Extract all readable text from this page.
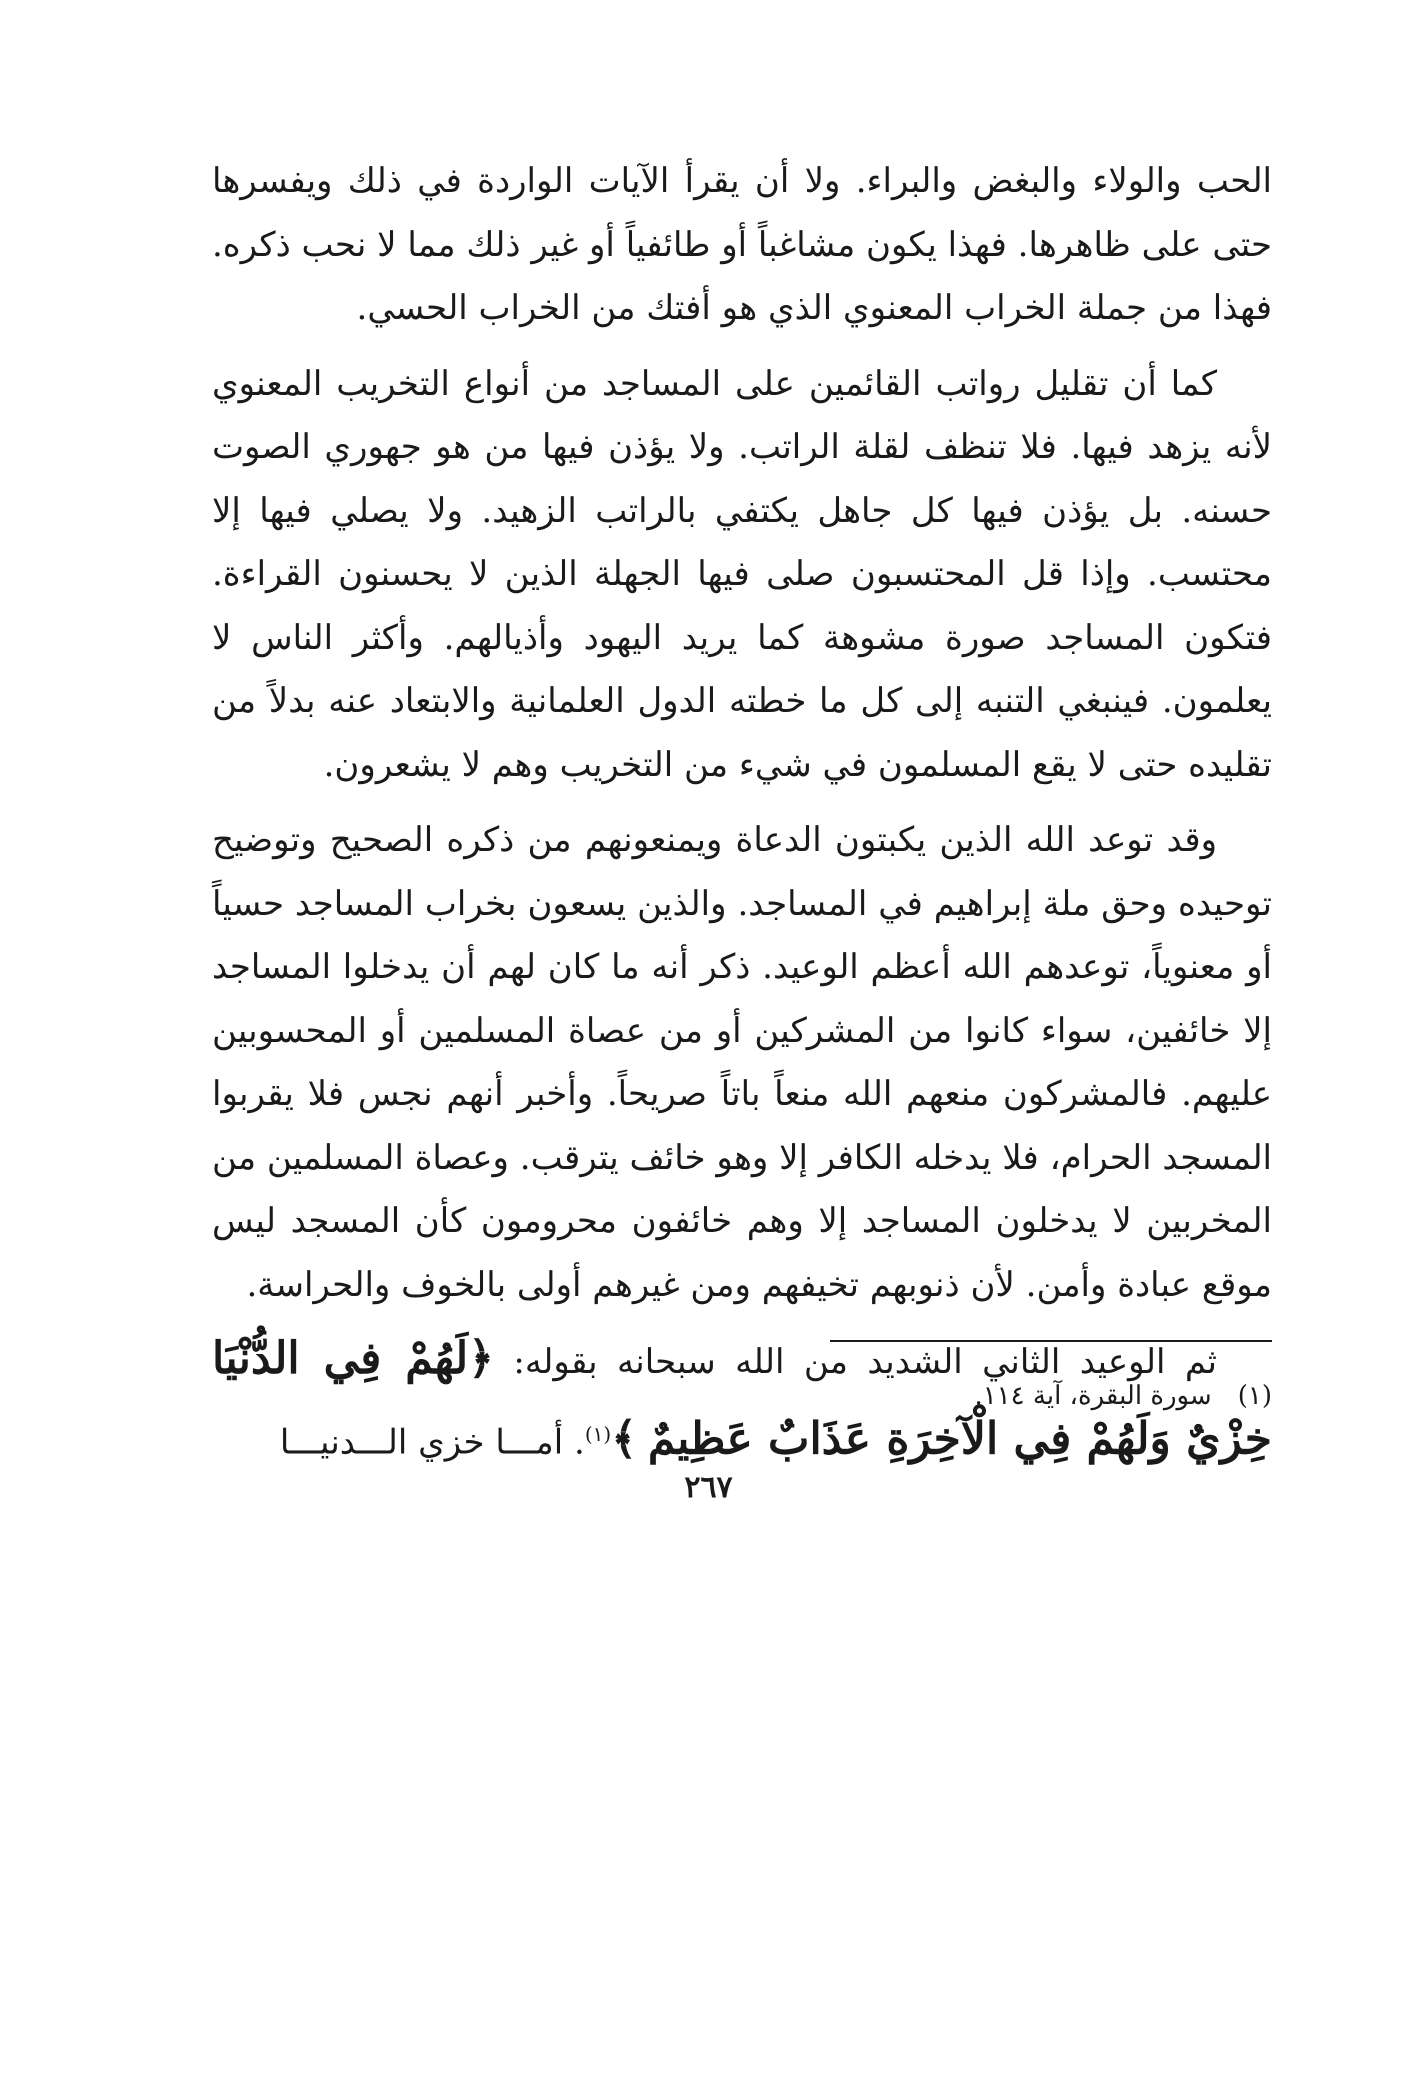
الحب والولاء والبغض والبراء. ولا أن يقرأ الآيات الواردة في ذلك ويفسرها حتى على ظاهرها. فهذا يكون مشاغباً أو طائفياً أو غير ذلك مما لا نحب ذكره. فهذا من جملة الخراب المعنوي الذي هو أفتك من الخراب الحسي.

كما أن تقليل رواتب القائمين على المساجد من أنواع التخريب المعنوي لأنه يزهد فيها. فلا تنظف لقلة الراتب. ولا يؤذن فيها من هو جهوري الصوت حسنه. بل يؤذن فيها كل جاهل يكتفي بالراتب الزهيد. ولا يصلي فيها إلا محتسب. وإذا قل المحتسبون صلى فيها الجهلة الذين لا يحسنون القراءة. فتكون المساجد صورة مشوهة كما يريد اليهود وأذيالهم. وأكثر الناس لا يعلمون. فينبغي التنبه إلى كل ما خطته الدول العلمانية والابتعاد عنه بدلاً من تقليده حتى لا يقع المسلمون في شيء من التخريب وهم لا يشعرون.

وقد توعد الله الذين يكبتون الدعاة ويمنعونهم من ذكره الصحيح وتوضيح توحيده وحق ملة إبراهيم في المساجد. والذين يسعون بخراب المساجد حسياً أو معنوياً، توعدهم الله أعظم الوعيد. ذكر أنه ما كان لهم أن يدخلوا المساجد إلا خائفين، سواء كانوا من المشركين أو من عصاة المسلمين أو المحسوبين عليهم. فالمشركون منعهم الله منعاً باتاً صريحاً. وأخبر أنهم نجس فلا يقربوا المسجد الحرام، فلا يدخله الكافر إلا وهو خائف يترقب. وعصاة المسلمين من المخربين لا يدخلون المساجد إلا وهم خائفون محرومون كأن المسجد ليس موقع عبادة وأمن. لأن ذنوبهم تخيفهم ومن غيرهم أولى بالخوف والحراسة.

ثم الوعيد الثاني الشديد من الله سبحانه بقوله: ﴿لَهُمْ فِي الدُّنْيَا خِزْيٌ وَلَهُمْ فِي الْآخِرَةِ عَذَابٌ عَظِيمٌ ﴾$^{(١)}$. أمـــا خزي الـــدنيـــا

(١)سورة البقرة، آية ١١٤.
٢٦٧
